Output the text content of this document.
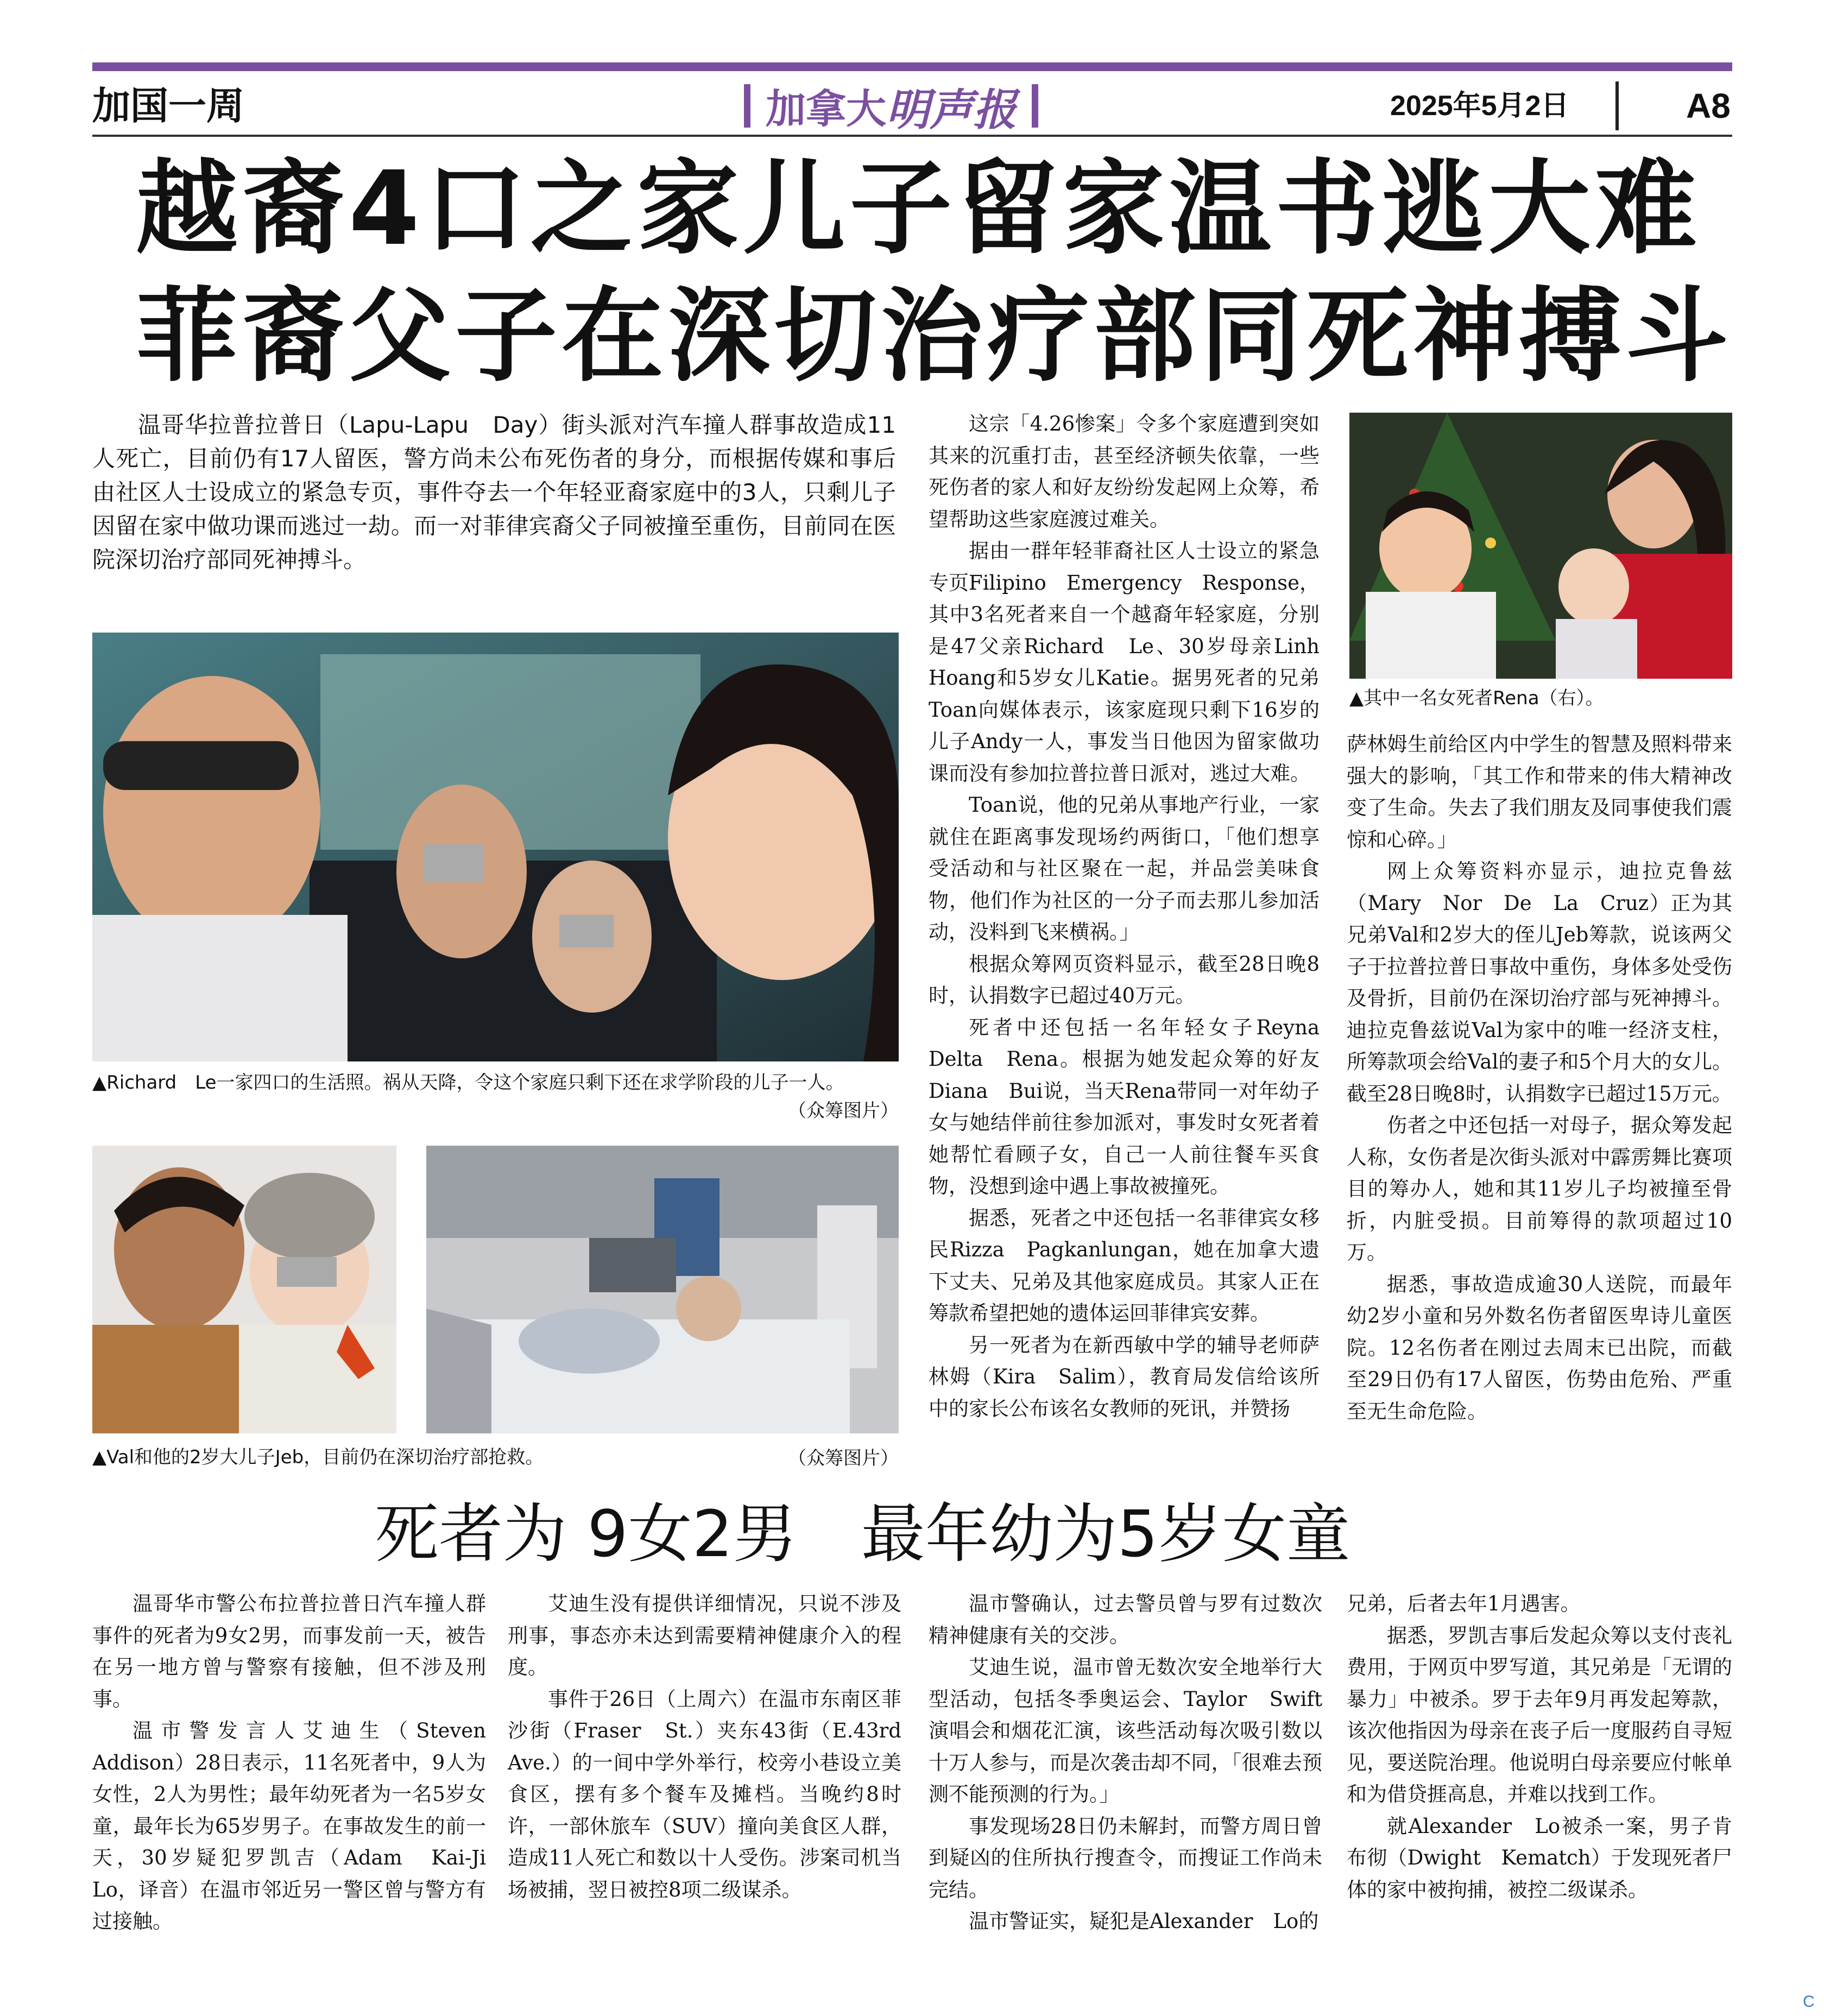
加国一周	加拿大 明声报	2025年5月2日	A8
越裔4口之家儿子留家温书逃大难
菲裔父子在深切治疗部同死神搏斗

温哥华拉普拉普日（Lapu-Lapu　Day）街头派对汽车撞人群事故造成11人死亡，目前仍有17人留医，警方尚未公布死伤者的身分，而根据传媒和事后由社区人士设成立的紧急专页，事件夺去一个年轻亚裔家庭中的3人，只剩儿子因留在家中做功课而逃过一劫。而一对菲律宾裔父子同被撞至重伤，目前同在医院深切治疗部同死神搏斗。

▲Richard　Le一家四口的生活照。祸从天降，令这个家庭只剩下还在求学阶段的儿子一人。
（众筹图片）
▲Val和他的2岁大儿子Jeb，目前仍在深切治疗部抢救。	（众筹图片）
▲其中一名女死者Rena（右）。

这宗「4.26惨案」令多个家庭遭到突如其来的沉重打击，甚至经济顿失依靠，一些死伤者的家人和好友纷纷发起网上众筹，希望帮助这些家庭渡过难关。

据由一群年轻菲裔社区人士设立的紧急专页Filipino　Emergency　Response，其中3名死者来自一个越裔年轻家庭，分别是47父亲Richard　Le、30岁母亲Linh　Hoang和5岁女儿Katie。据男死者的兄弟Toan向媒体表示，该家庭现只剩下16岁的儿子Andy一人，事发当日他因为留家做功课而没有参加拉普拉普日派对，逃过大难。

Toan说，他的兄弟从事地产行业，一家就住在距离事发现场约两街口，「他们想享受活动和与社区聚在一起，并品尝美味食物，他们作为社区的一分子而去那儿参加活动，没料到飞来横祸。」

根据众筹网页资料显示，截至28日晚8时，认捐数字已超过40万元。

死者中还包括一名年轻女子Reyna　Delta　Rena。根据为她发起众筹的好友Diana　Bui说，当天Rena带同一对年幼子女与她结伴前往参加派对，事发时女死者着她帮忙看顾子女，自己一人前往餐车买食物，没想到途中遇上事故被撞死。

据悉，死者之中还包括一名菲律宾女移民Rizza　Pagkanlungan，她在加拿大遗下丈夫、兄弟及其他家庭成员。其家人正在筹款希望把她的遗体运回菲律宾安葬。

另一死者为在新西敏中学的辅导老师萨林姆（Kira　Salim），教育局发信给该所中的家长公布该名女教师的死讯，并赞扬

萨林姆生前给区内中学生的智慧及照料带来强大的影响，「其工作和带来的伟大精神改变了生命。失去了我们朋友及同事使我们震惊和心碎。」

网上众筹资料亦显示，迪拉克鲁兹（Mary　Nor　De　La　Cruz）正为其兄弟Val和2岁大的侄儿Jeb筹款，说该两父子于拉普拉普日事故中重伤，身体多处受伤及骨折，目前仍在深切治疗部与死神搏斗。迪拉克鲁兹说Val为家中的唯一经济支柱，所筹款项会给Val的妻子和5个月大的女儿。截至28日晚8时，认捐数字已超过15万元。

伤者之中还包括一对母子，据众筹发起人称，女伤者是次街头派对中霹雳舞比赛项目的筹办人，她和其11岁儿子均被撞至骨折，内脏受损。目前筹得的款项超过10万。

据悉，事故造成逾30人送院，而最年幼2岁小童和另外数名伤者留医卑诗儿童医院。12名伤者在刚过去周末已出院，而截至29日仍有17人留医，伤势由危殆、严重至无生命危险。

死者为 9女2男　最年幼为5岁女童

温哥华市警公布拉普拉普日汽车撞人群事件的死者为9女2男，而事发前一天，被告在另一地方曾与警察有接触，但不涉及刑事。

温市警发言人艾迪生（Steven　Addison）28日表示，11名死者中，9人为女性，2人为男性；最年幼死者为一名5岁女童，最年长为65岁男子。在事故发生的前一天，30岁疑犯罗凯吉（Adam　Kai-Ji　Lo，译音）在温市邻近另一警区曾与警方有过接触。

艾迪生没有提供详细情况，只说不涉及刑事，事态亦未达到需要精神健康介入的程度。

事件于26日（上周六）在温市东南区菲沙街（Fraser　St.）夹东43街（E.43rd　Ave.）的一间中学外举行，校旁小巷设立美食区，摆有多个餐车及摊档。当晚约8时许，一部休旅车（SUV）撞向美食区人群，造成11人死亡和数以十人受伤。涉案司机当场被捕，翌日被控8项二级谋杀。

温市警确认，过去警员曾与罗有过数次精神健康有关的交涉。

艾迪生说，温市曾无数次安全地举行大型活动，包括冬季奥运会、Taylor　Swift演唱会和烟花汇演，该些活动每次吸引数以十万人参与，而是次袭击却不同，「很难去预测不能预测的行为。」

事发现场28日仍未解封，而警方周日曾到疑凶的住所执行搜查令，而搜证工作尚未完结。

温市警证实，疑犯是Alexander　Lo的

兄弟，后者去年1月遇害。

据悉，罗凯吉事后发起众筹以支付丧礼费用，于网页中罗写道，其兄弟是「无谓的暴力」中被杀。罗于去年9月再发起筹款，该次他指因为母亲在丧子后一度服药自寻短见，要送院治理。他说明白母亲要应付帐单和为借贷捱高息，并难以找到工作。

就Alexander　Lo被杀一案，男子肯布彻（Dwight　Kematch）于发现死者尸体的家中被拘捕，被控二级谋杀。

C
